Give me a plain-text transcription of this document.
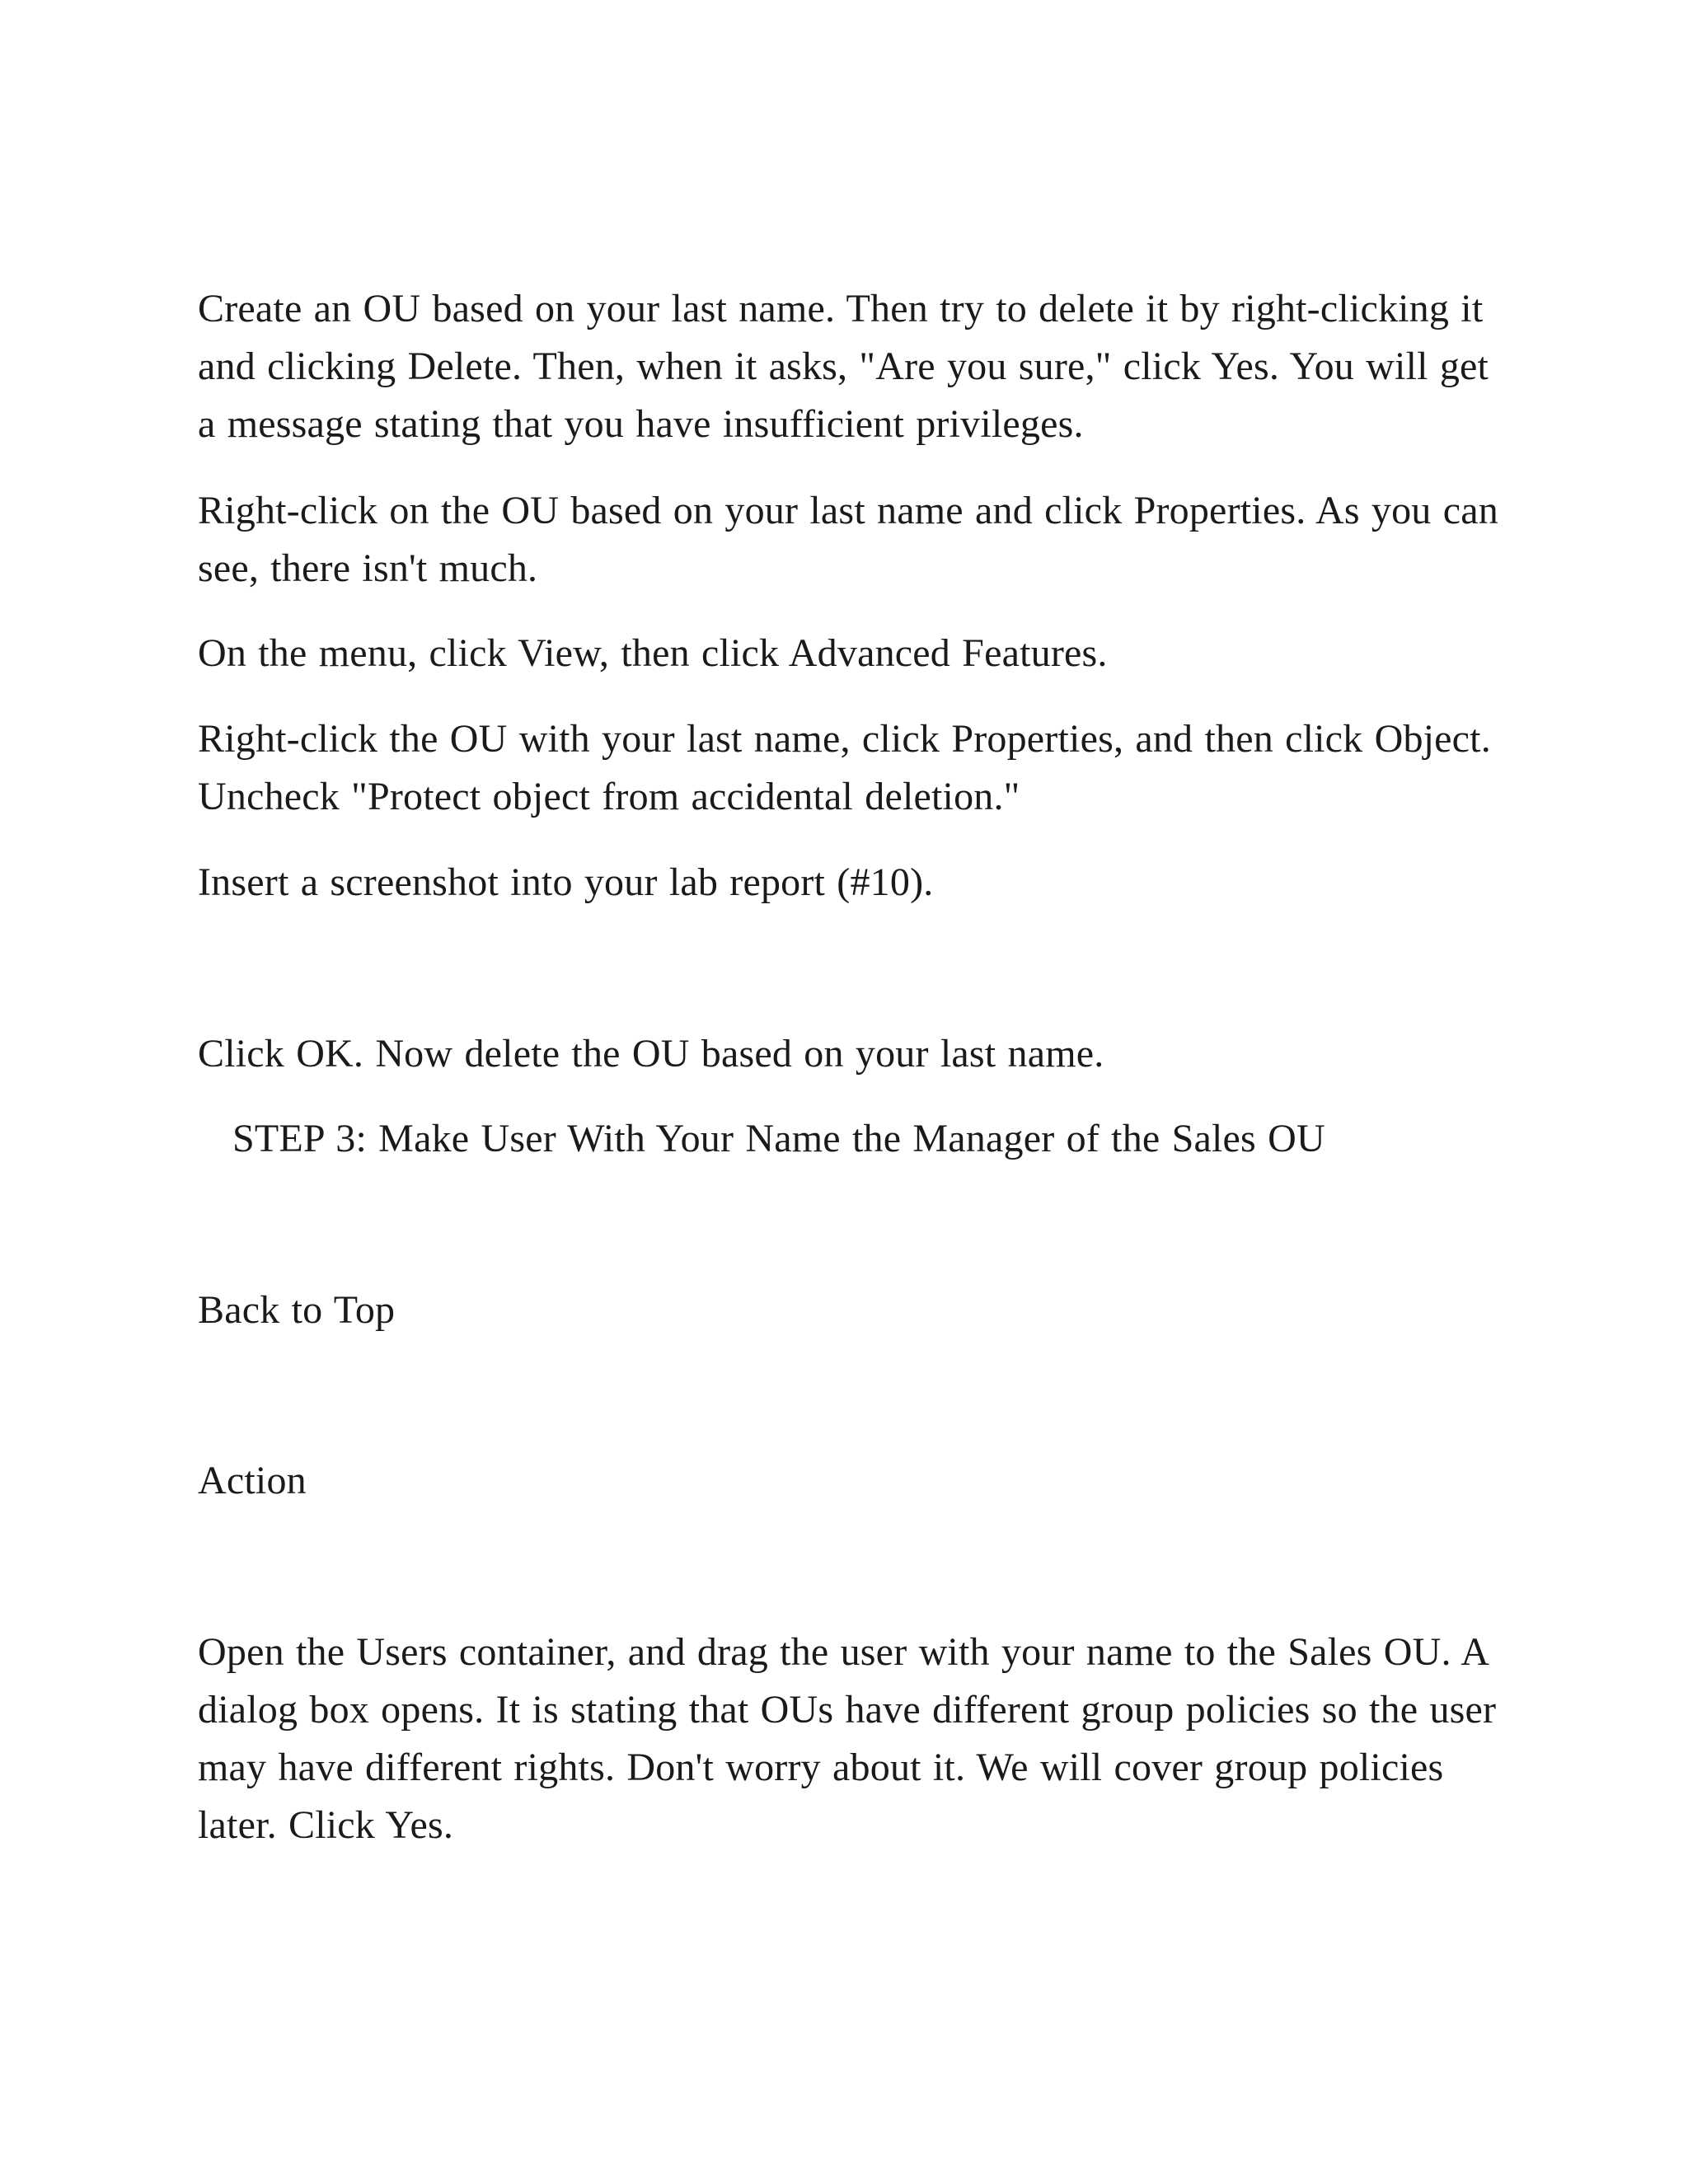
Create an OU based on your last name. Then try to delete it by right-clicking it and clicking Delete. Then, when it asks, "Are you sure," click Yes. You will get a message stating that you have insufficient privileges.

Right-click on the OU based on your last name and click Properties. As you can see, there isn't much.

On the menu, click View, then click Advanced Features.

Right-click the OU with your last name, click Properties, and then click Object. Uncheck "Protect object from accidental deletion."

Insert a screenshot into your lab report (#10).

Click OK. Now delete the OU based on your last name.

STEP 3: Make User With Your Name the Manager of the Sales OU

Back to Top

Action

Open the Users container, and drag the user with your name to the Sales OU. A dialog box opens. It is stating that OUs have different group policies so the user may have different rights. Don't worry about it. We will cover group policies later. Click Yes.
